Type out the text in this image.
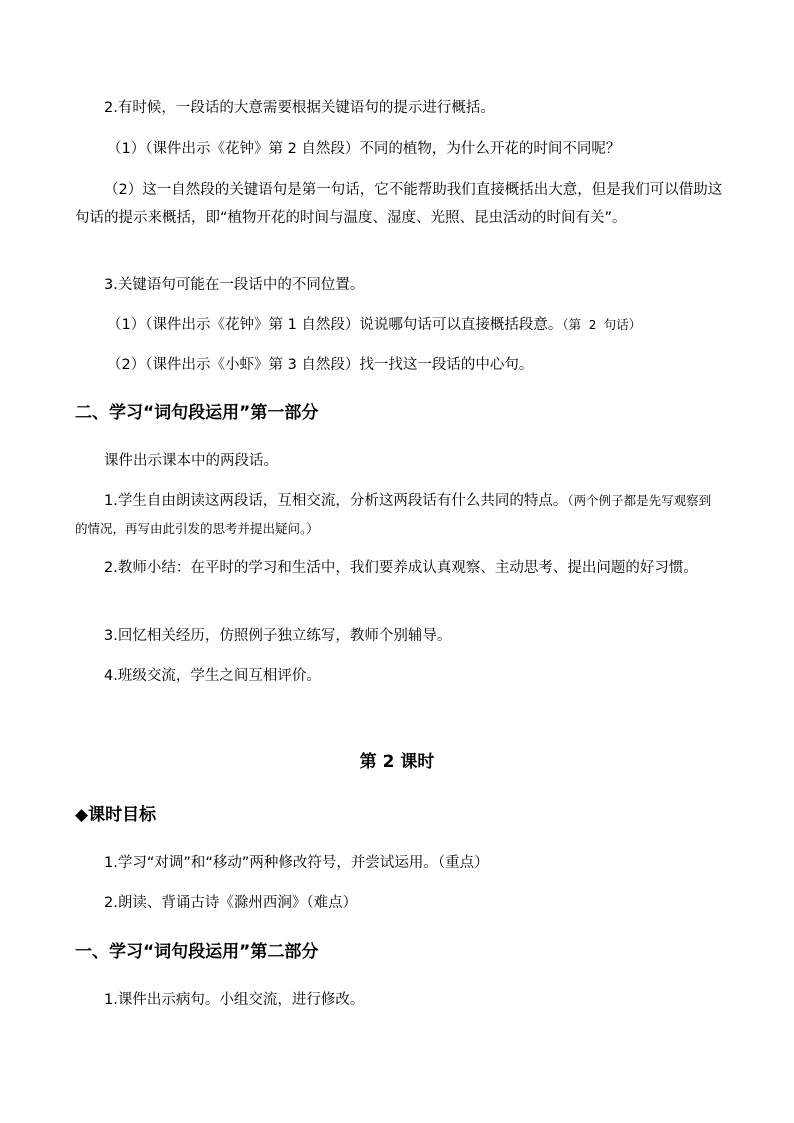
2.有时候，一段话的大意需要根据关键语句的提示进行概括。

（1）（课件出示《花钟》第 2 自然段）不同的植物，为什么开花的时间不同呢？

（2）这一自然段的关键语句是第一句话，它不能帮助我们直接概括出大意，但是我们可以借助这句话的提示来概括，即“植物开花的时间与温度、湿度、光照、昆虫活动的时间有关”。

3.关键语句可能在一段话中的不同位置。

（1）（课件出示《花钟》第 1 自然段）说说哪句话可以直接概括段意。（第 2 句话）

（2）（课件出示《小虾》第 3 自然段）找一找这一段话的中心句。

二、学习“词句段运用”第一部分

课件出示课本中的两段话。

1.学生自由朗读这两段话，互相交流，分析这两段话有什么共同的特点。（两个例子都是先写观察到的情况，再写由此引发的思考并提出疑问。）

2.教师小结：在平时的学习和生活中，我们要养成认真观察、主动思考、提出问题的好习惯。

3.回忆相关经历，仿照例子独立练写，教师个别辅导。

4.班级交流，学生之间互相评价。

第 2 课时
◆课时目标

1.学习“对调”和“移动”两种修改符号，并尝试运用。（重点）

2.朗读、背诵古诗《滁州西涧》（难点）

一、学习“词句段运用”第二部分

1.课件出示病句。小组交流，进行修改。
